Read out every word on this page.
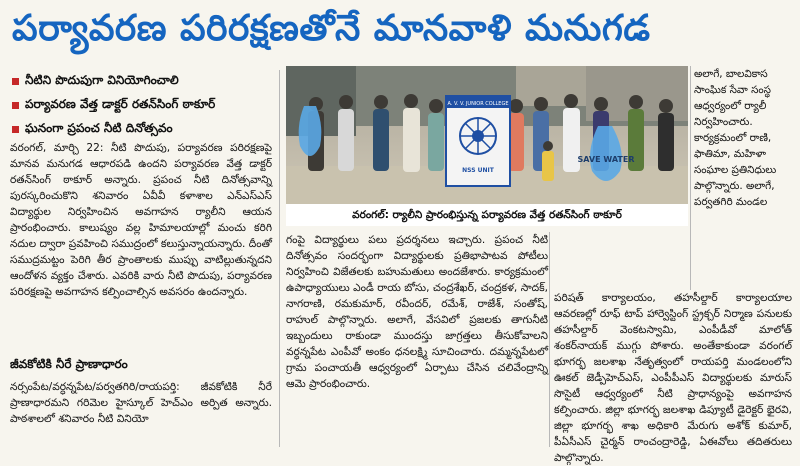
పర్యావరణ పరిరక్షణతోనే మానవాళి మనుగడ
నీటిని పొదుపుగా వినియోగించాలి
పర్యావరణ వేత్త డాక్టర్ రతన్‌సింగ్ ఠాకూర్
ఘనంగా ప్రపంచ నీటి దినోత్సవం

వరంగల్, మార్చి 22: నీటి పొదుపు, పర్యావరణ పరిరక్షణపై మానవ మనుగడ ఆధారపడి ఉందని పర్యావరణ వేత్త డాక్టర్ రతన్‌సింగ్ ఠాకూర్ అన్నారు. ప్రపంచ నీటి దినోత్సవాన్ని పురస్కరించుకొని శనివారం ఏవీవీ కళాశాల ఎన్ఎస్ఎస్ విద్యార్థుల నిర్వహించిన అవగాహన ర్యాలీని ఆయన ప్రారంభించారు. కాలుష్యం వల్ల హిమాలయాల్లో మంచు కరిగి నదుల ద్వారా ప్రవహించి సముద్రంలో కలుస్తున్నాయన్నారు. దీంతో సముద్రమట్టం పెరిగి తీర ప్రాంతాలకు ముప్పు వాటిల్లుతున్నదని ఆందోళన వ్యక్తం చేశారు. ఎవరికి వారు నీటి పొదుపు, పర్యావరణ పరిరక్షణపై అవగాహన కల్పించాల్సిన అవసరం ఉందన్నారు.

జీవకోటికి నీరే ప్రాణాధారం

నర్సంపేట/వర్ధన్నపేట/పర్వతగిరి/రాయపర్తి: జీవకోటికి నీరే ప్రాణాధారమని గరిమెల హైస్కూల్ హెచ్ఎం అర్పిత అన్నారు. పాఠశాలలో శనివారం నీటి వినియో

SAVE WATER
A. V. V. JUNIOR COLLEGE
NSS UNIT
వరంగల్: ర్యాలీని ప్రారంభిస్తున్న పర్యావరణ వేత్త రతన్‌సింగ్ ఠాకూర్

గంపై విద్యార్థులు పలు ప్రదర్శనలు ఇచ్చారు. ప్రపంచ నీటి దినోత్సవం సందర్భంగా విద్యార్థులకు ప్రతిభాపాటవ పోటీలు నిర్వహించి విజేతలకు బహుమతులు అందజేశారు. కార్యక్రమంలో ఉపాధ్యాయులు ఎండీ రాయ బోసు, చంద్రశేఖర్, చంద్రకళ, సాదక్, నాగరాణి, రమకుమార్, రవీందర్, రమేశ్, రాజేశ్, సంతోష్, రాహుల్ పాల్గొన్నారు. అలాగే, వేసవిలో ప్రజలకు తాగునీటి ఇబ్బందులు రాకుండా ముందస్తు జాగ్రత్తలు తీసుకోవాలని వర్ధన్నపేట ఎంపీవో అంకం ధనలక్ష్మి సూచించారు. దమ్మన్నపేటలో గ్రామ పంచాయతీ ఆధ్వర్యంలో ఏర్పాటు చేసిన చలివేంద్రాన్ని ఆమె ప్రారంభించారు.

అలాగే, బాలవికాస సాంఘిక సేవా సంస్థ ఆధ్వర్యంలో ర్యాలీ నిర్వహించారు. కార్యక్రమంలో రాణి, ఫాతిమా, మహిళా సంఘాల ప్రతినిధులు పాల్గొన్నారు. అలాగే, పర్వతగిరి మండల

పరిషత్ కార్యాలయం, తహసీల్దార్ కార్యాలయాల ఆవరణల్లో రూఫ్ టాప్ హార్వెస్టింగ్ స్ట్రక్చర్ నిర్మాణ పనులకు తహసీల్దార్ వెంకటస్వామి, ఎంపీడీవో మాలోత్ శంకర్‌నాయక్ ముగ్గు పోశారు. అంతేకాకుండా వరంగల్ భూగర్భ జలశాఖ నేతృత్వంలో రాయపర్తి మండలంలోని ఊకల్ జెడ్పీహెచ్ఎస్, ఎంపీపీఎస్ విద్యార్థులకు మారుస్ సొసైటీ ఆధ్వర్యంలో నీటి ప్రాధాన్యంపై అవగాహన కల్పించారు. జిల్లా భూగర్భ జలశాఖ డిప్యూటీ డైరెక్టర్ భైరవి, జిల్లా భూగర్భ శాఖ అధికారి మేరుగు అశోక్ కుమార్, పీఏసీఎస్ చైర్మన్ రాంచంద్రారెడ్డి, ఏఈవోలు తదితరులు పాల్గొన్నారు.
